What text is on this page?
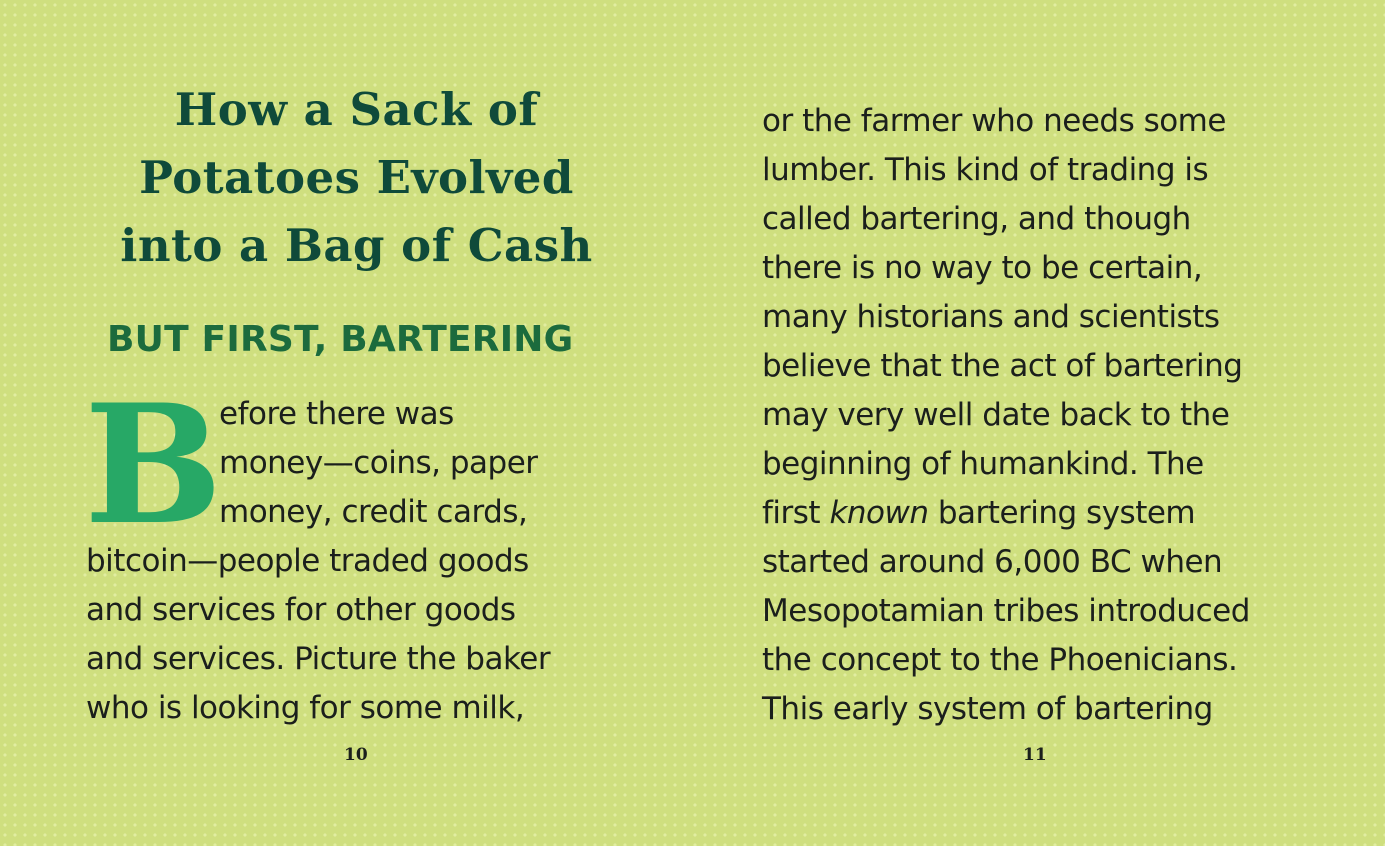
How a Sack of
Potatoes Evolved
into a Bag of Cash
BUT FIRST, BARTERING
B

efore there was

money—coins, paper

money, credit cards,

bitcoin—people traded goods

and services for other goods

and services. Picture the baker

who is looking for some milk,

10

or the farmer who needs some

lumber. This kind of trading is

called bartering, and though

there is no way to be certain,

many historians and scientists

believe that the act of bartering

may very well date back to the

beginning of humankind. The

first known bartering system

started around 6,000 BC when

Mesopotamian tribes introduced

the concept to the Phoenicians.

This early system of bartering

11
